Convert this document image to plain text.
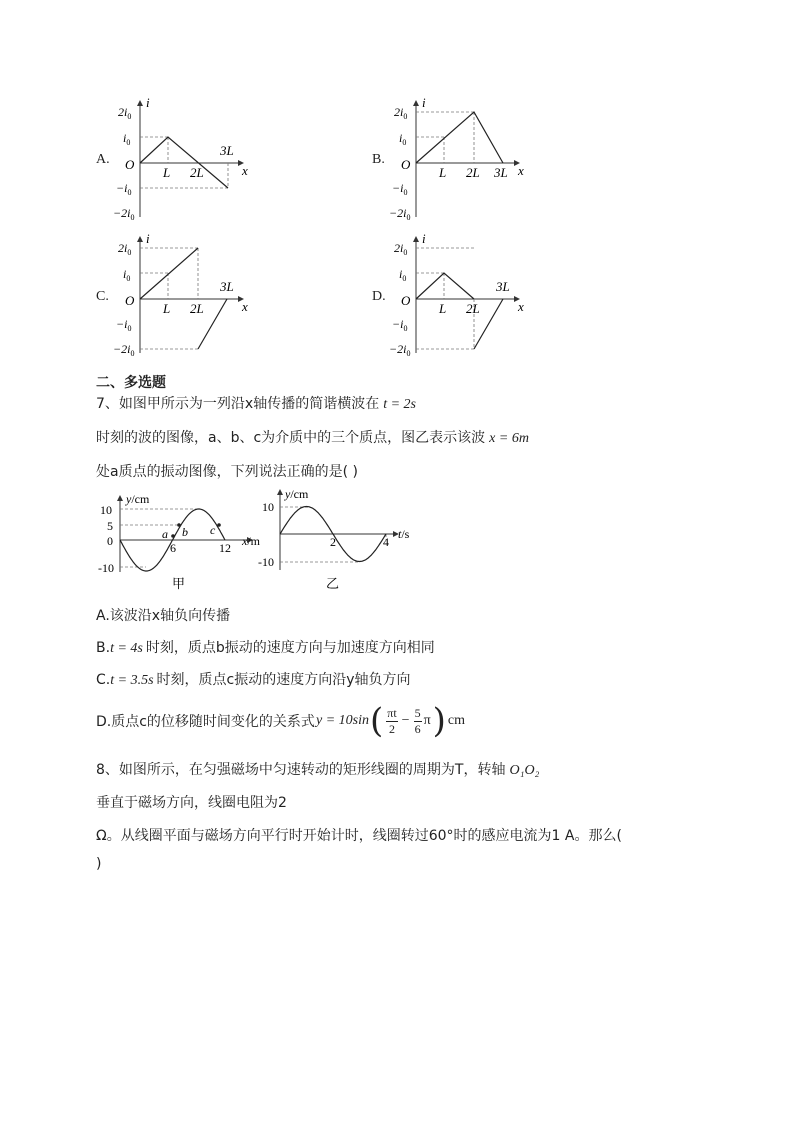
A.	B.
C.	D.
i
x
O
$2i_0$
$i_0$
$-i_0$
$-2i_0$
L 2L
3L
i
x
O
$2i_0$
$i_0$
$-i_0$
$-2i_0$
L 2L 3L
i
x
O
$2i_0$
$i_0$
$-i_0$
$-2i_0$
L 2L
3L
i
x
O
$2i_0$
$i_0$
$-i_0$
$-2i_0$
L 2L
3L
二、多选题
7、如图甲所示为一列沿x轴传播的简谐横波在 t = 2s
时刻的波的图像，a、b、c为介质中的三个质点，图乙表示该波 x = 6m
处a质点的振动图像，下列说法正确的是( )
y/cm
x/m
10
5
0
-10
6	12
a b c
甲
y/cm
t/s
10
-10
2	4
乙
A.该波沿x轴负向传播
B.t = 4s 时刻，质点b振动的速度方向与加速度方向相同
C.t = 3.5s 时刻，质点c振动的速度方向沿y轴负方向
D.质点c的位移随时间变化的关系式 y = 10sin ( πt
2
− $\frac{5}{6}$ π ) cm
8、如图所示，在匀强磁场中匀速转动的矩形线圈的周期为T，转轴 O₁O₂
垂直于磁场方向，线圈电阻为2
Ω。从线圈平面与磁场方向平行时开始计时，线圈转过60°时的感应电流为1 A。那么(
)
